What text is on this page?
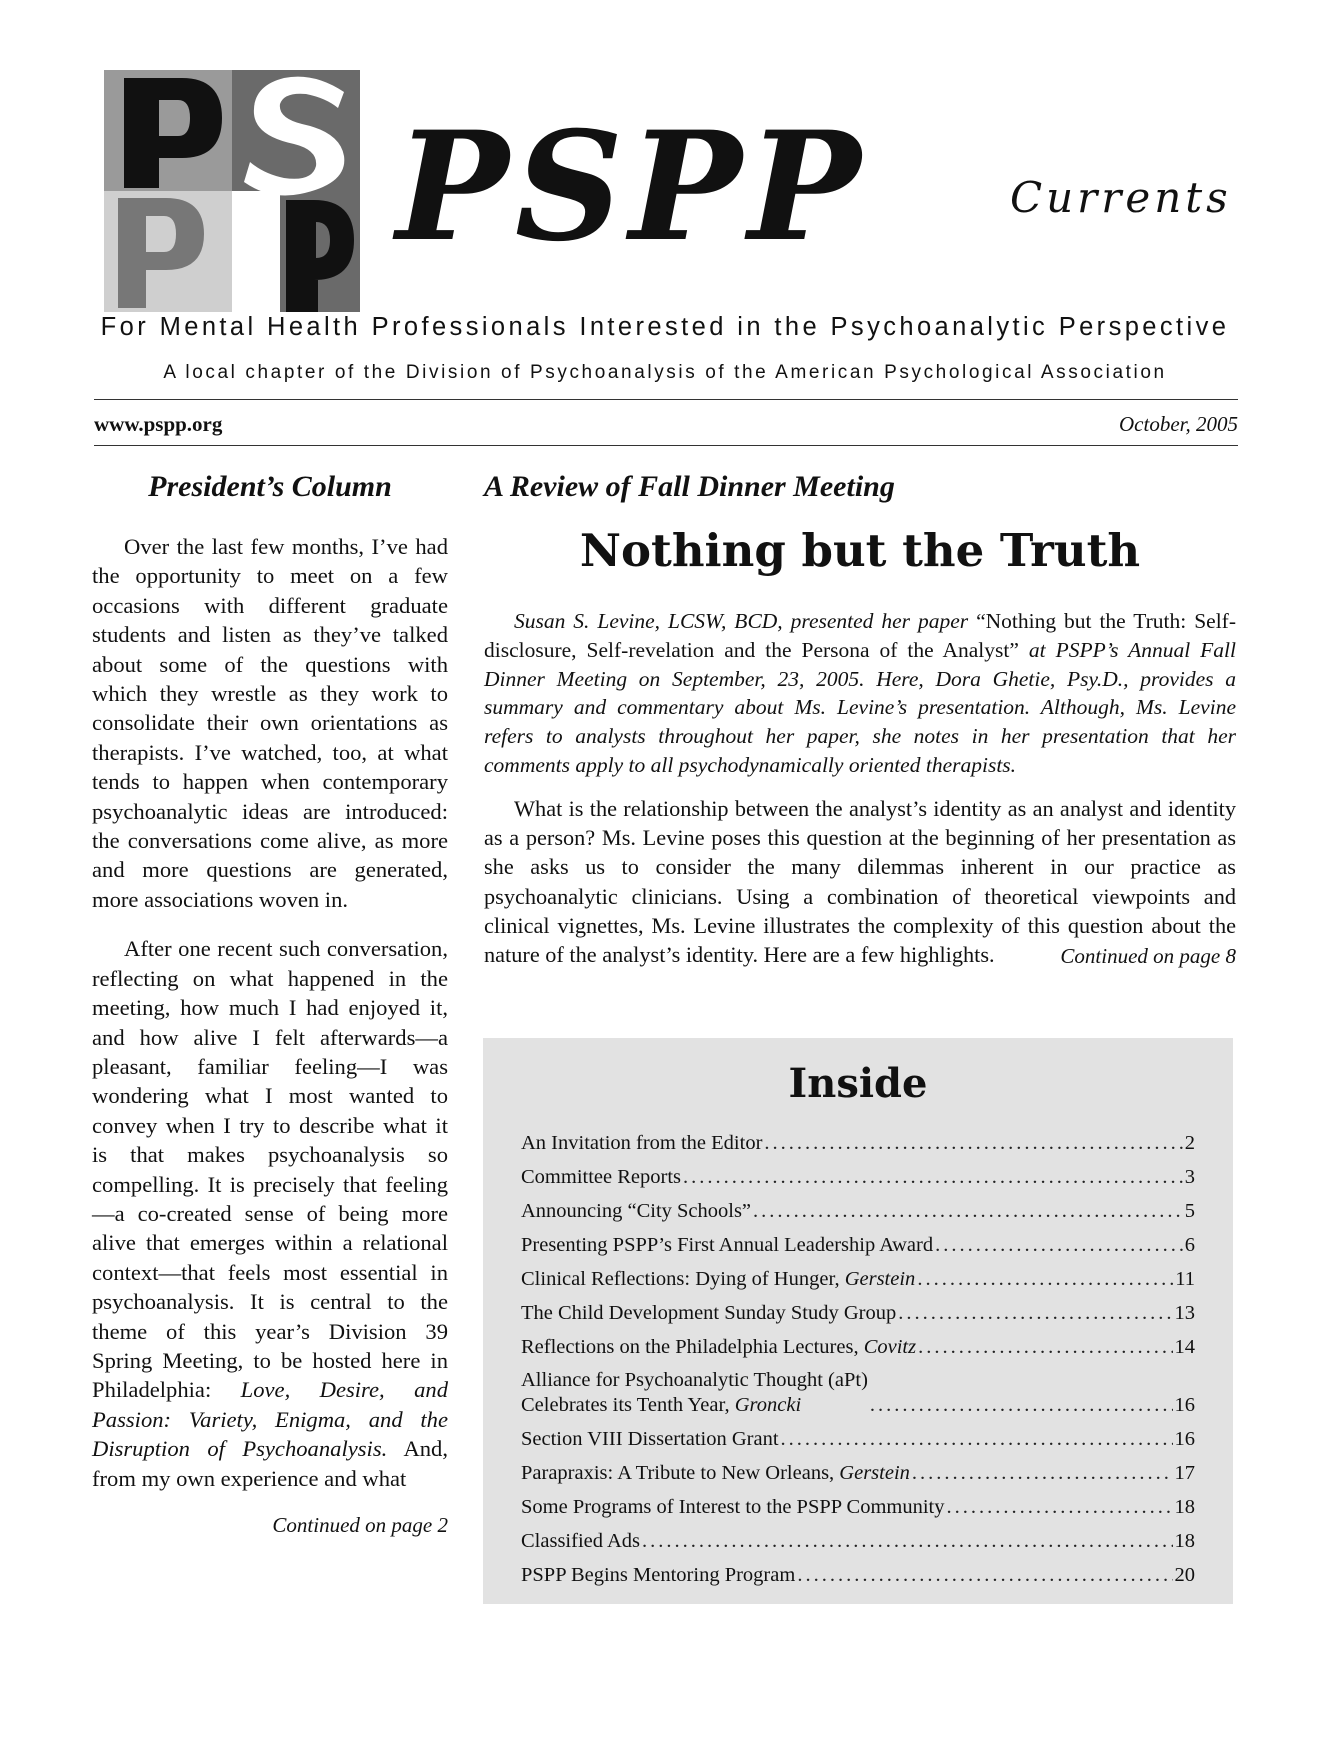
PSPP	Currents
For Mental Health Professionals Interested in the Psychoanalytic Perspective
A local chapter of the Division of Psychoanalysis of the American Psychological Association
www.pspp.org	October, 2005
President’s Column

Over the last few months, I’ve had the opportunity to meet on a few occasions with different graduate students and listen as they’ve talked about some of the questions with which they wrestle as they work to consolidate their own orientations as therapists. I’ve watched, too, at what tends to happen when contemporary psychoanalytic ideas are introduced: the conversations come alive, as more and more questions are generated, more associations woven in.

After one recent such conversation, reflecting on what happened in the meeting, how much I had enjoyed it, and how alive I felt afterwards—a pleasant, familiar feeling—I was wondering what I most wanted to convey when I try to describe what it is that makes psychoanalysis so compelling. It is precisely that feeling—a co-created sense of being more alive that emerges within a relational context—that feels most essential in psychoanalysis. It is central to the theme of this year’s Division 39 Spring Meeting, to be hosted here in Philadelphia: Love, Desire, and Passion: Variety, Enigma, and the Disruption of Psychoanalysis. And, from my own experience and what

Continued on page 2
A Review of Fall Dinner Meeting
Nothing but the Truth

Susan S. Levine, LCSW, BCD, presented her paper “Nothing but the Truth: Self-disclosure, Self-revelation and the Persona of the Analyst” at PSPP’s Annual Fall Dinner Meeting on September, 23, 2005. Here, Dora Ghetie, Psy.D., provides a summary and commentary about Ms. Levine’s presentation. Although, Ms. Levine refers to analysts throughout her paper, she notes in her presentation that her comments apply to all psychodynamically oriented therapists.

What is the relationship between the analyst’s identity as an analyst and identity as a person? Ms. Levine poses this question at the beginning of her presentation as she asks us to consider the many dilemmas inherent in our practice as psychoanalytic clinicians. Using a combination of theoretical viewpoints and clinical vignettes, Ms. Levine illustrates the complexity of this question about the nature of the analyst’s identity. Here are a few highlights.	Continued on page 8
Inside
An Invitation from the Editor .....	2
Committee Reports .....	3
Announcing “City Schools” .....	5
Presenting PSPP’s First Annual Leadership Award .....	6
Clinical Reflections: Dying of Hunger, Gerstein .....	11
The Child Development Sunday Study Group .....	13
Reflections on the Philadelphia Lectures, Covitz .....	14
Alliance for Psychoanalytic Thought (aPt)
Celebrates its Tenth Year, Groncki .....	16
Section VIII Dissertation Grant .....	16
Parapraxis: A Tribute to New Orleans, Gerstein .....	17
Some Programs of Interest to the PSPP Community .....	18
Classified Ads .....	18
PSPP Begins Mentoring Program .....	20
